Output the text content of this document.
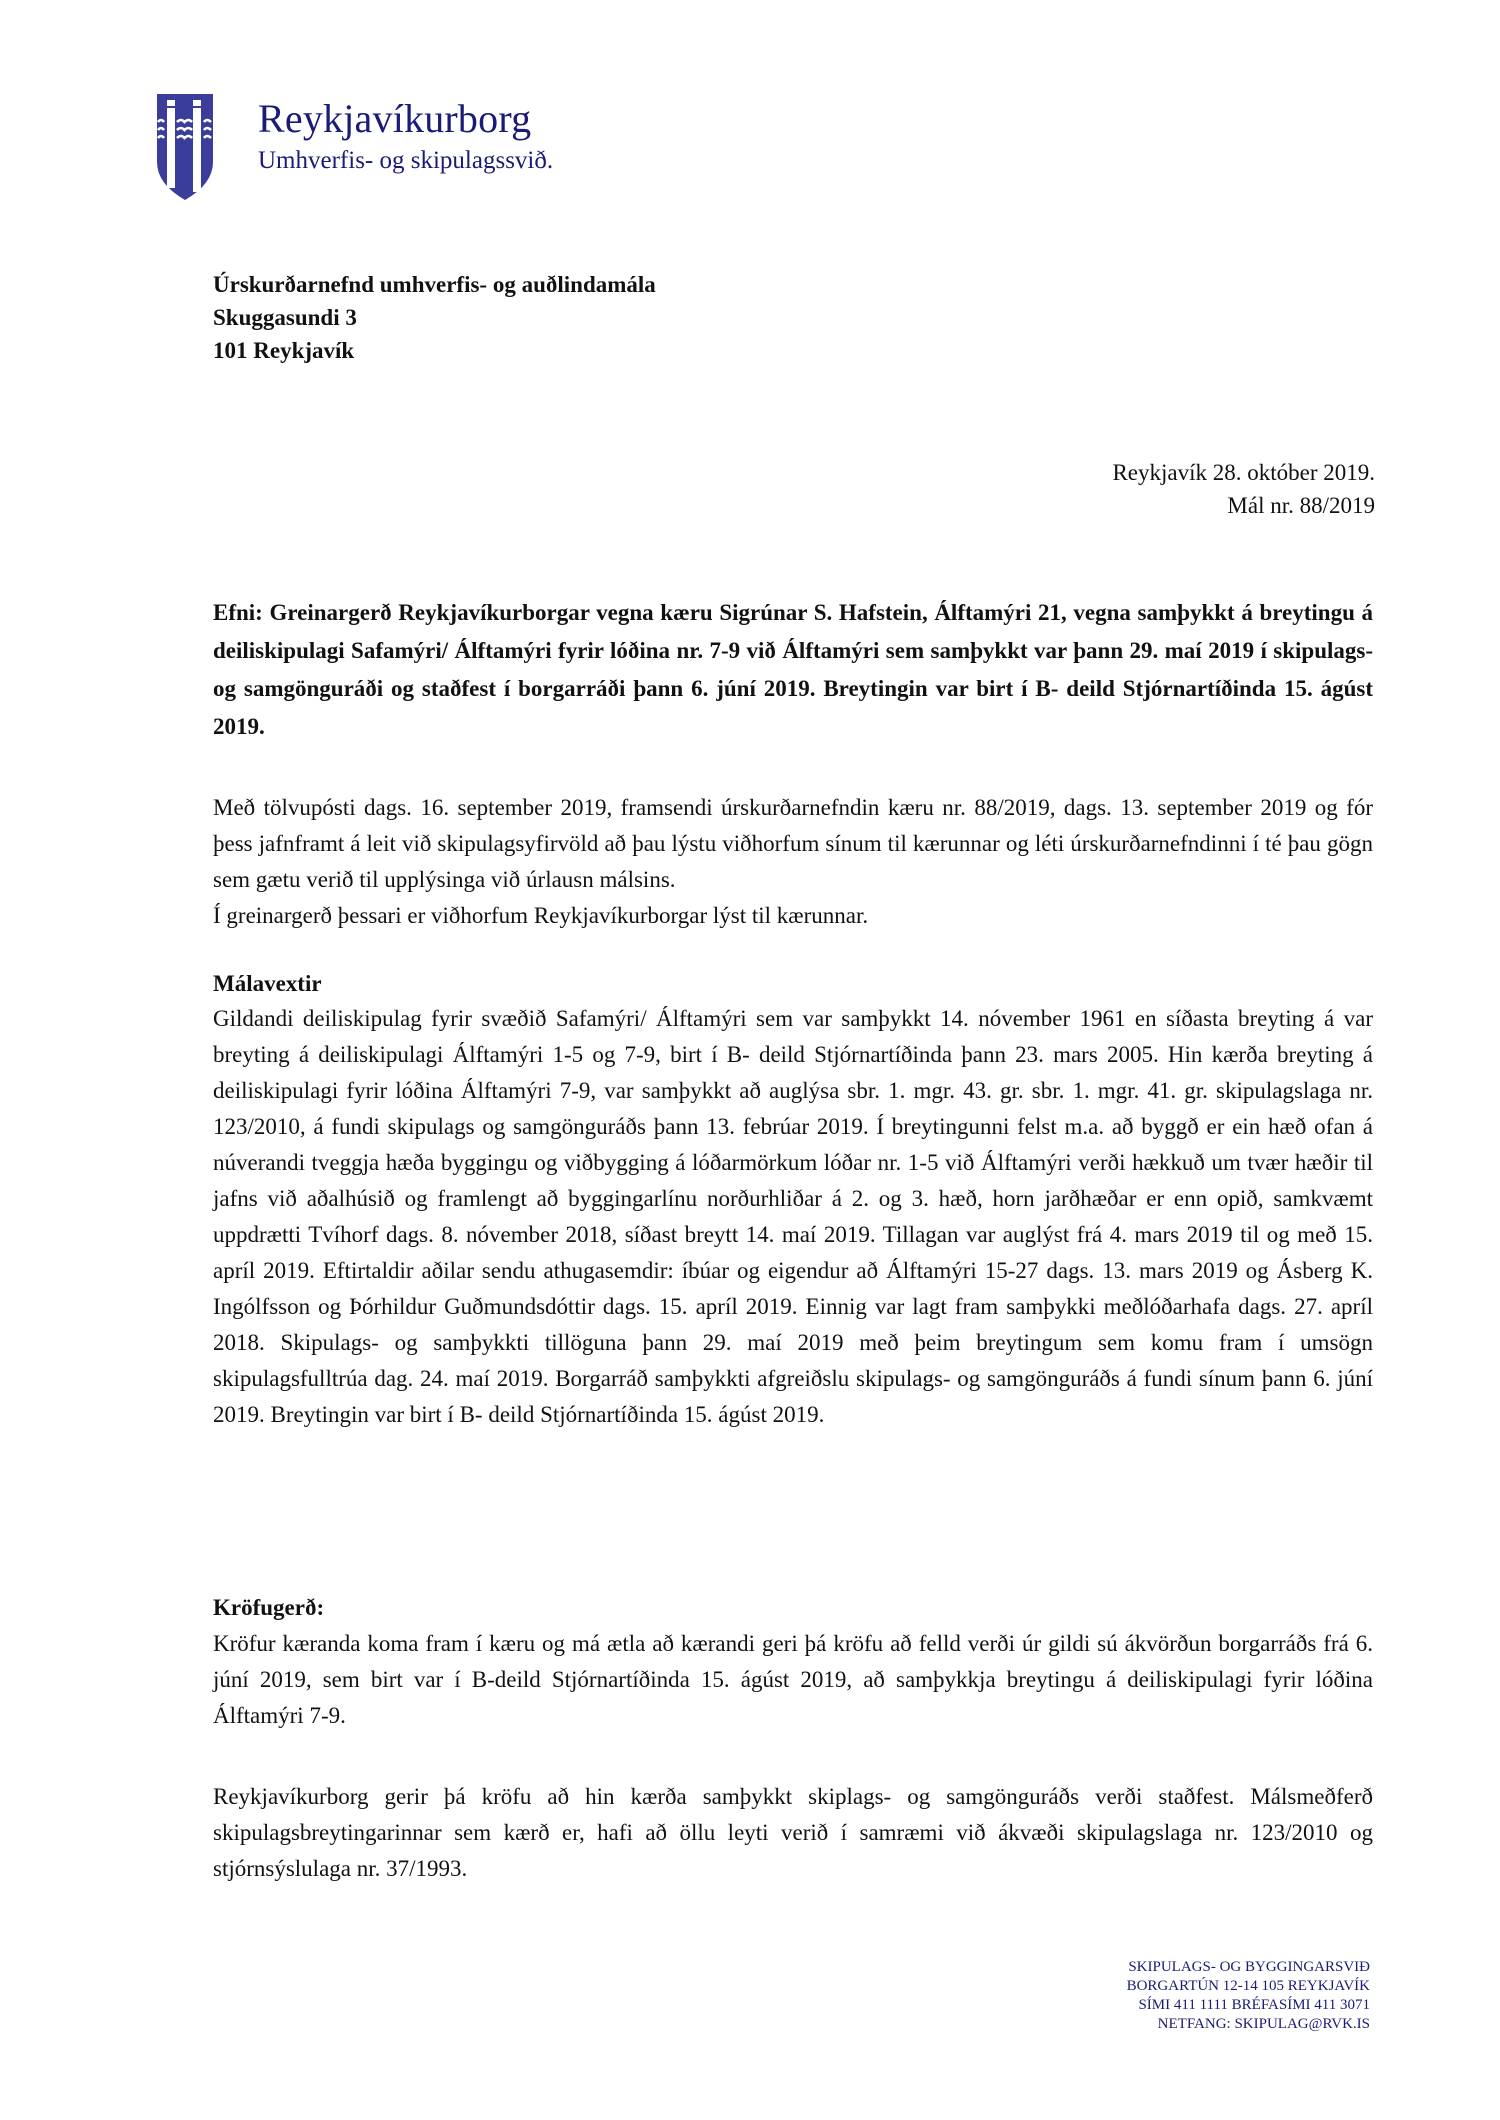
Reykjavíkurborg
Umhverfis- og skipulagssvið.
Úrskurðarnefnd umhverfis- og auðlindamála
Skuggasundi 3
101 Reykjavík
Reykjavík 28. október 2019.
Mál nr. 88/2019
Efni: Greinargerð Reykjavíkurborgar vegna kæru Sigrúnar S. Hafstein, Álftamýri 21, vegna samþykkt á breytingu á deiliskipulagi Safamýri/ Álftamýri fyrir lóðina nr. 7-9 við Álftamýri sem samþykkt var þann 29. maí 2019 í skipulags- og samgönguráði og staðfest í borgarráði þann 6. júní 2019. Breytingin var birt í B- deild Stjórnartíðinda 15. ágúst 2019.
Með tölvupósti dags. 16. september 2019, framsendi úrskurðarnefndin kæru nr. 88/2019, dags. 13. september 2019 og fór þess jafnframt á leit við skipulagsyfirvöld að þau lýstu viðhorfum sínum til kærunnar og léti úrskurðarnefndinni í té þau gögn sem gætu verið til upplýsinga við úrlausn málsins.
Í greinargerð þessari er viðhorfum Reykjavíkurborgar lýst til kærunnar.
Málavextir
Gildandi deiliskipulag fyrir svæðið Safamýri/ Álftamýri sem var samþykkt 14. nóvember 1961 en síðasta breyting á var breyting á deiliskipulagi Álftamýri 1-5 og 7-9, birt í B- deild Stjórnartíðinda þann 23. mars 2005. Hin kærða breyting á deiliskipulagi fyrir lóðina Álftamýri 7-9, var samþykkt að auglýsa sbr. 1. mgr. 43. gr. sbr. 1. mgr. 41. gr. skipulagslaga nr. 123/2010, á fundi skipulags og samgönguráðs þann 13. febrúar 2019. Í breytingunni felst m.a. að byggð er ein hæð ofan á núverandi tveggja hæða byggingu og viðbygging á lóðarmörkum lóðar nr. 1-5 við Álftamýri verði hækkuð um tvær hæðir til jafns við aðalhúsið og framlengt að byggingarlínu norðurhliðar á 2. og 3. hæð, horn jarðhæðar er enn opið, samkvæmt uppdrætti Tvíhorf dags. 8. nóvember 2018, síðast breytt 14. maí 2019. Tillagan var auglýst frá 4. mars 2019 til og með 15. apríl 2019. Eftirtaldir aðilar sendu athugasemdir: íbúar og eigendur að Álftamýri 15-27 dags. 13. mars 2019 og Ásberg K. Ingólfsson og Þórhildur Guðmundsdóttir dags. 15. apríl 2019. Einnig var lagt fram samþykki meðlóðarhafa dags. 27. apríl 2018. Skipulags- og samþykkti tillöguna þann 29. maí 2019 með þeim breytingum sem komu fram í umsögn skipulagsfulltrúa dag. 24. maí 2019. Borgarráð samþykkti afgreiðslu skipulags- og samgönguráðs á fundi sínum þann 6. júní 2019. Breytingin var birt í B- deild Stjórnartíðinda 15. ágúst 2019.
Kröfugerð:
Kröfur kæranda koma fram í kæru og má ætla að kærandi geri þá kröfu að felld verði úr gildi sú ákvörðun borgarráðs frá 6. júní 2019, sem birt var í B-deild Stjórnartíðinda 15. ágúst 2019, að samþykkja breytingu á deiliskipulagi fyrir lóðina Álftamýri 7-9.
Reykjavíkurborg gerir þá kröfu að hin kærða samþykkt skiplags- og samgönguráðs verði staðfest. Málsmeðferð skipulagsbreytingarinnar sem kærð er, hafi að öllu leyti verið í samræmi við ákvæði skipulagslaga nr. 123/2010 og stjórnsýslulaga nr. 37/1993.
SKIPULAGS- OG BYGGINGARSVIÐ
BORGARTÚN 12-14 105 REYKJAVÍK
SÍMI 411 1111 BRÉFASÍMI 411 3071
NETFANG: SKIPULAG@RVK.IS
